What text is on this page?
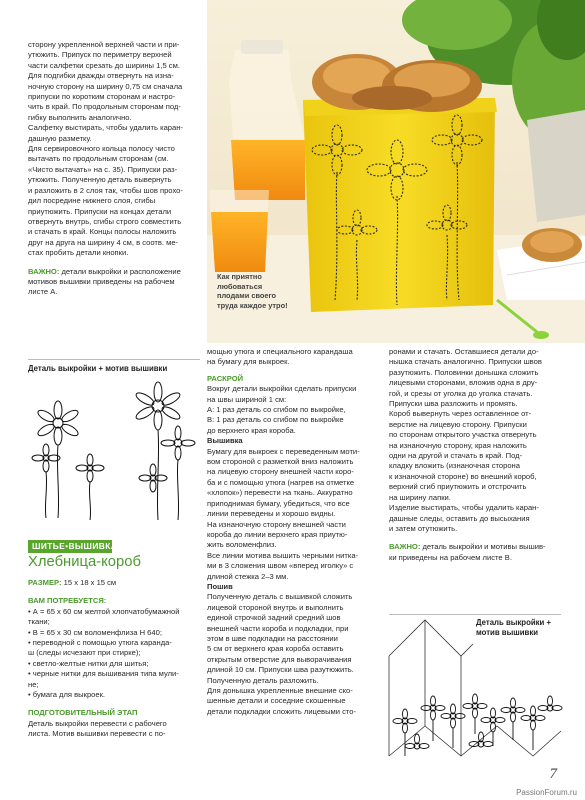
Как приятно
любоваться
плодами своего
труда каждое утро!

сторону укрепленной верхней части и при-

утюжить. Припуск по периметру верхней

части салфетки срезать до ширины 1,5 см.

Для подгибки дважды отвернуть на изна-

ночную сторону на ширину 0,75 см сначала

припуски по коротким сторонам и настро-

чить в край. По продольным сторонам под-

гибку выполнить аналогично.

Салфетку выстирать, чтобы удалить каран-

дашную разметку.

Для сервировочного кольца полосу чисто

вытачать по продольным сторонам (см.

«Чисто вытачать» на с. 35). Припуски раз-

утюжить. Полученную деталь вывернуть

и разложить в 2 слоя так, чтобы шов прохо-

дил посредине нижнего слоя, сгибы

приутюжить. Припуски на концах детали

отвернуть внутрь, сгибы строго совместить

и стачать в край. Концы полосы наложить

друг на друга на ширину 4 см, в соотв. ме-

стах пробить детали кнопки.

ВАЖНО: детали выкройки и расположение

мотивов вышивки приведены на рабочем

листе А.

Деталь выкройки + мотив вышивки
ШИТЬЕ•ВЫШИВКА
Хлебница-короб

РАЗМЕР: 15 х 18 х 15 см

ВАМ ПОТРЕБУЕТСЯ:

• А = 65 х 60 см желтой хлопчатобумажной

ткани;

• В = 65 х 30 см воломенфлиза Н 640;

• переводной с помощью утюга каранда-

ш (следы исчезают при стирке);

• светло-желтые нитки для шитья;

• черные нитки для вышивания типа мули-

не;

• бумага для выкроек.

ПОДГОТОВИТЕЛЬНЫЙ ЭТАП

Деталь выкройки перевести с рабочего

листа. Мотив вышивки перевести с по-

мощью утюга и специального карандаша

на бумагу для выкроек.

РАСКРОЙ

Вокруг детали выкройки сделать припуски

на швы шириной 1 см:

А: 1 раз деталь со сгибом по выкройке,

В: 1 раз деталь со сгибом по выкройке

до верхнего края короба.

Вышивка

Бумагу для выкроек с переведенным моти-

вом стороной с разметкой вниз наложить

на лицевую сторону внешней части коро-

ба и с помощью утюга (нагрев на отметке

«хлопок») перевести на ткань. Аккуратно

приподнимая бумагу, убедиться, что все

линии переведены и хорошо видны.

На изнаночную сторону внешней части

короба до линии верхнего края приутю-

жить воломенфлиз.

Все линии мотива вышить черными нитка-

ми в 3 сложения швом «вперед иголку» с

длиной стежка 2–3 мм.

Пошив

Полученную деталь с вышивкой сложить

лицевой стороной внутрь и выполнить

единой строчкой задний средний шов

внешней части короба и подкладки, при

этом в шве подкладки на расстоянии

5 см от верхнего края короба оставить

открытым отверстие для выворачивания

длиной 10 см. Припуски шва разутюжить.

Полученную деталь разложить.

Для донышка укрепленные внешние ско-

шенные детали и соседние скошенные

детали подкладки сложить лицевыми сто-

ронами и стачать. Оставшиеся детали до-

нышка стачать аналогично. Припуски швов

разутюжить. Половинки донышка сложить

лицевыми сторонами, вложив одна в дру-

гой, и срезы от уголка до уголка стачать.

Припуски шва разложить и промять.

Короб вывернуть через оставленное от-

верстие на лицевую сторону. Припуски

по сторонам открытого участка отвернуть

на изнаночную сторону, края наложить

одни на другой и стачать в край. Под-

кладку вложить (изнаночная сторона

к изнаночной стороне) во внешний короб,

верхний сгиб приутюжить и отстрочить

на ширину лапки.

Изделие выстирать, чтобы удалить каран-

дашные следы, оставить до высыхания

и затем отутюжить.

ВАЖНО: деталь выкройки и мотивы вышив-

ки приведены на рабочем листе В.

Деталь выкройки +
мотив вышивки
7
PassionForum.ru
